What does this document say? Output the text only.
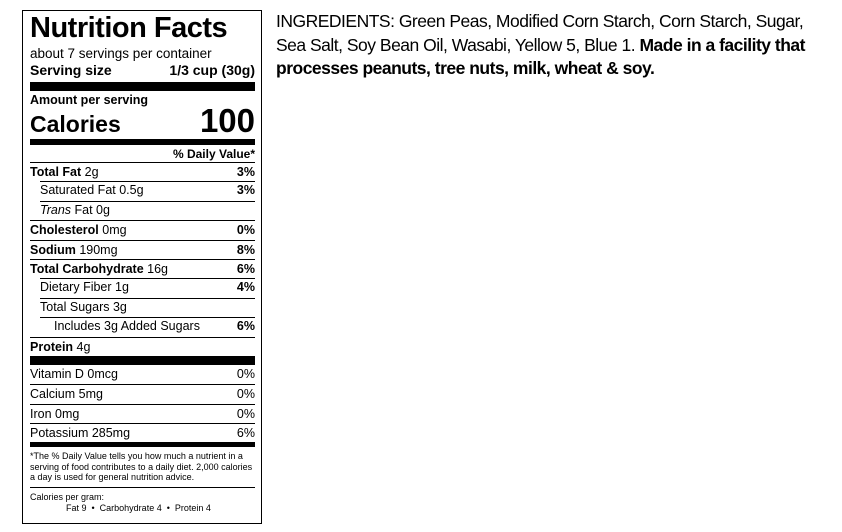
Nutrition Facts
about 7 servings per container
Serving size	1/3 cup (30g)
Amount per serving
Calories 100
% Daily Value*
Total Fat 2g	3%
Saturated Fat 0.5g	3%
Trans Fat 0g
Cholesterol 0mg	0%
Sodium 190mg	8%
Total Carbohydrate 16g	6%
Dietary Fiber 1g	4%
Total Sugars 3g
Includes 3g Added Sugars	6%
Protein 4g
Vitamin D 0mcg	0%
Calcium 5mg	0%
Iron 0mg	0%
Potassium 285mg	6%
*The % Daily Value tells you how much a nutrient in a serving of food contributes to a daily diet. 2,000 calories a day is used for general nutrition advice.
Calories per gram:
Fat 9  •  Carbohydrate 4  •  Protein 4
INGREDIENTS: Green Peas, Modified Corn Starch, Corn Starch, Sugar, Sea Salt, Soy Bean Oil, Wasabi, Yellow 5, Blue 1. Made in a facility that processes peanuts, tree nuts, milk, wheat & soy.
